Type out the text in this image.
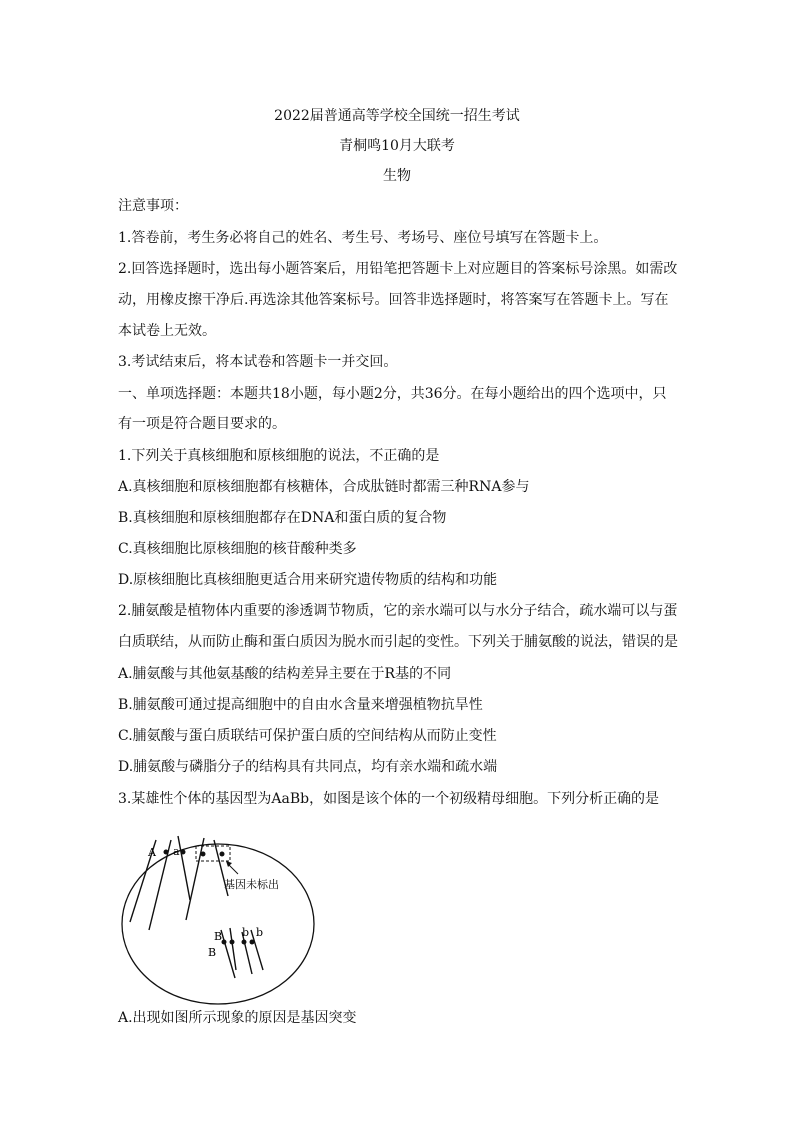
2022届普通高等学校全国统一招生考试
青桐鸣10月大联考
生物
注意事项：
1.答卷前，考生务必将自己的姓名、考生号、考场号、座位号填写在答题卡上。
2.回答选择题时，选出每小题答案后，用铅笔把答题卡上对应题目的答案标号涂黑。如需改
动，用橡皮擦干净后.再选涂其他答案标号。回答非选择题时，将答案写在答题卡上。写在
本试卷上无效。
3.考试结束后，将本试卷和答题卡一并交回。
一、单项选择题：本题共18小题，每小题2分，共36分。在每小题给出的四个选项中，只
有一项是符合题目要求的。
1.下列关于真核细胞和原核细胞的说法，不正确的是
A.真核细胞和原核细胞都有核糖体，合成肽链时都需三种RNA参与
B.真核细胞和原核细胞都存在DNA和蛋白质的复合物
C.真核细胞比原核细胞的核苷酸种类多
D.原核细胞比真核细胞更适合用来研究遗传物质的结构和功能
2.脯氨酸是植物体内重要的渗透调节物质，它的亲水端可以与水分子结合，疏水端可以与蛋
白质联结，从而防止酶和蛋白质因为脱水而引起的变性。下列关于脯氨酸的说法，错误的是
A.脯氨酸与其他氨基酸的结构差异主要在于R基的不同
B.脯氨酸可通过提高细胞中的自由水含量来增强植物抗旱性
C.脯氨酸与蛋白质联结可保护蛋白质的空间结构从而防止变性
D.脯氨酸与磷脂分子的结构具有共同点，均有亲水端和疏水端
3.某雄性个体的基因型为AaBb，如图是该个体的一个初级精母细胞。下列分析正确的是
A a
基因未标出
B
B
b b
A.出现如图所示现象的原因是基因突变
